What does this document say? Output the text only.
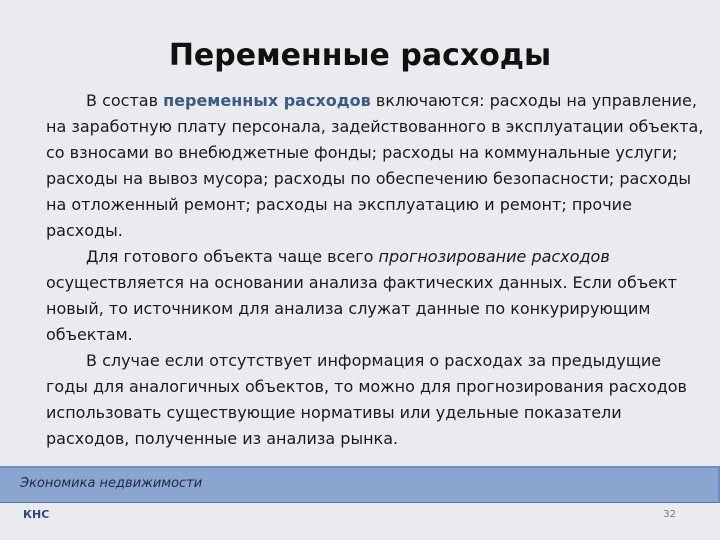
Переменные расходы

В состав переменных расходов включаются: расходы на управление, на заработную плату персонала, задействованного в эксплуатации объекта, со взносами во внебюджетные фонды; расходы на коммунальные услуги; расходы на вывоз мусора; расходы по обеспечению безопасности; расходы на отложенный ремонт; расходы на эксплуатацию и ремонт; прочие расходы.

Для готового объекта чаще всего прогнозирование расходов осуществляется на основании анализа фактических данных. Если объект новый, то источником для анализа служат данные по конкурирующим объектам.

В случае если отсутствует информация о расходах за предыдущие годы для аналогичных объектов, то можно для прогнозирования расходов использовать существующие нормативы или удельные показатели расходов, полученные из анализа рынка.

Экономика недвижимости
КНС	32
